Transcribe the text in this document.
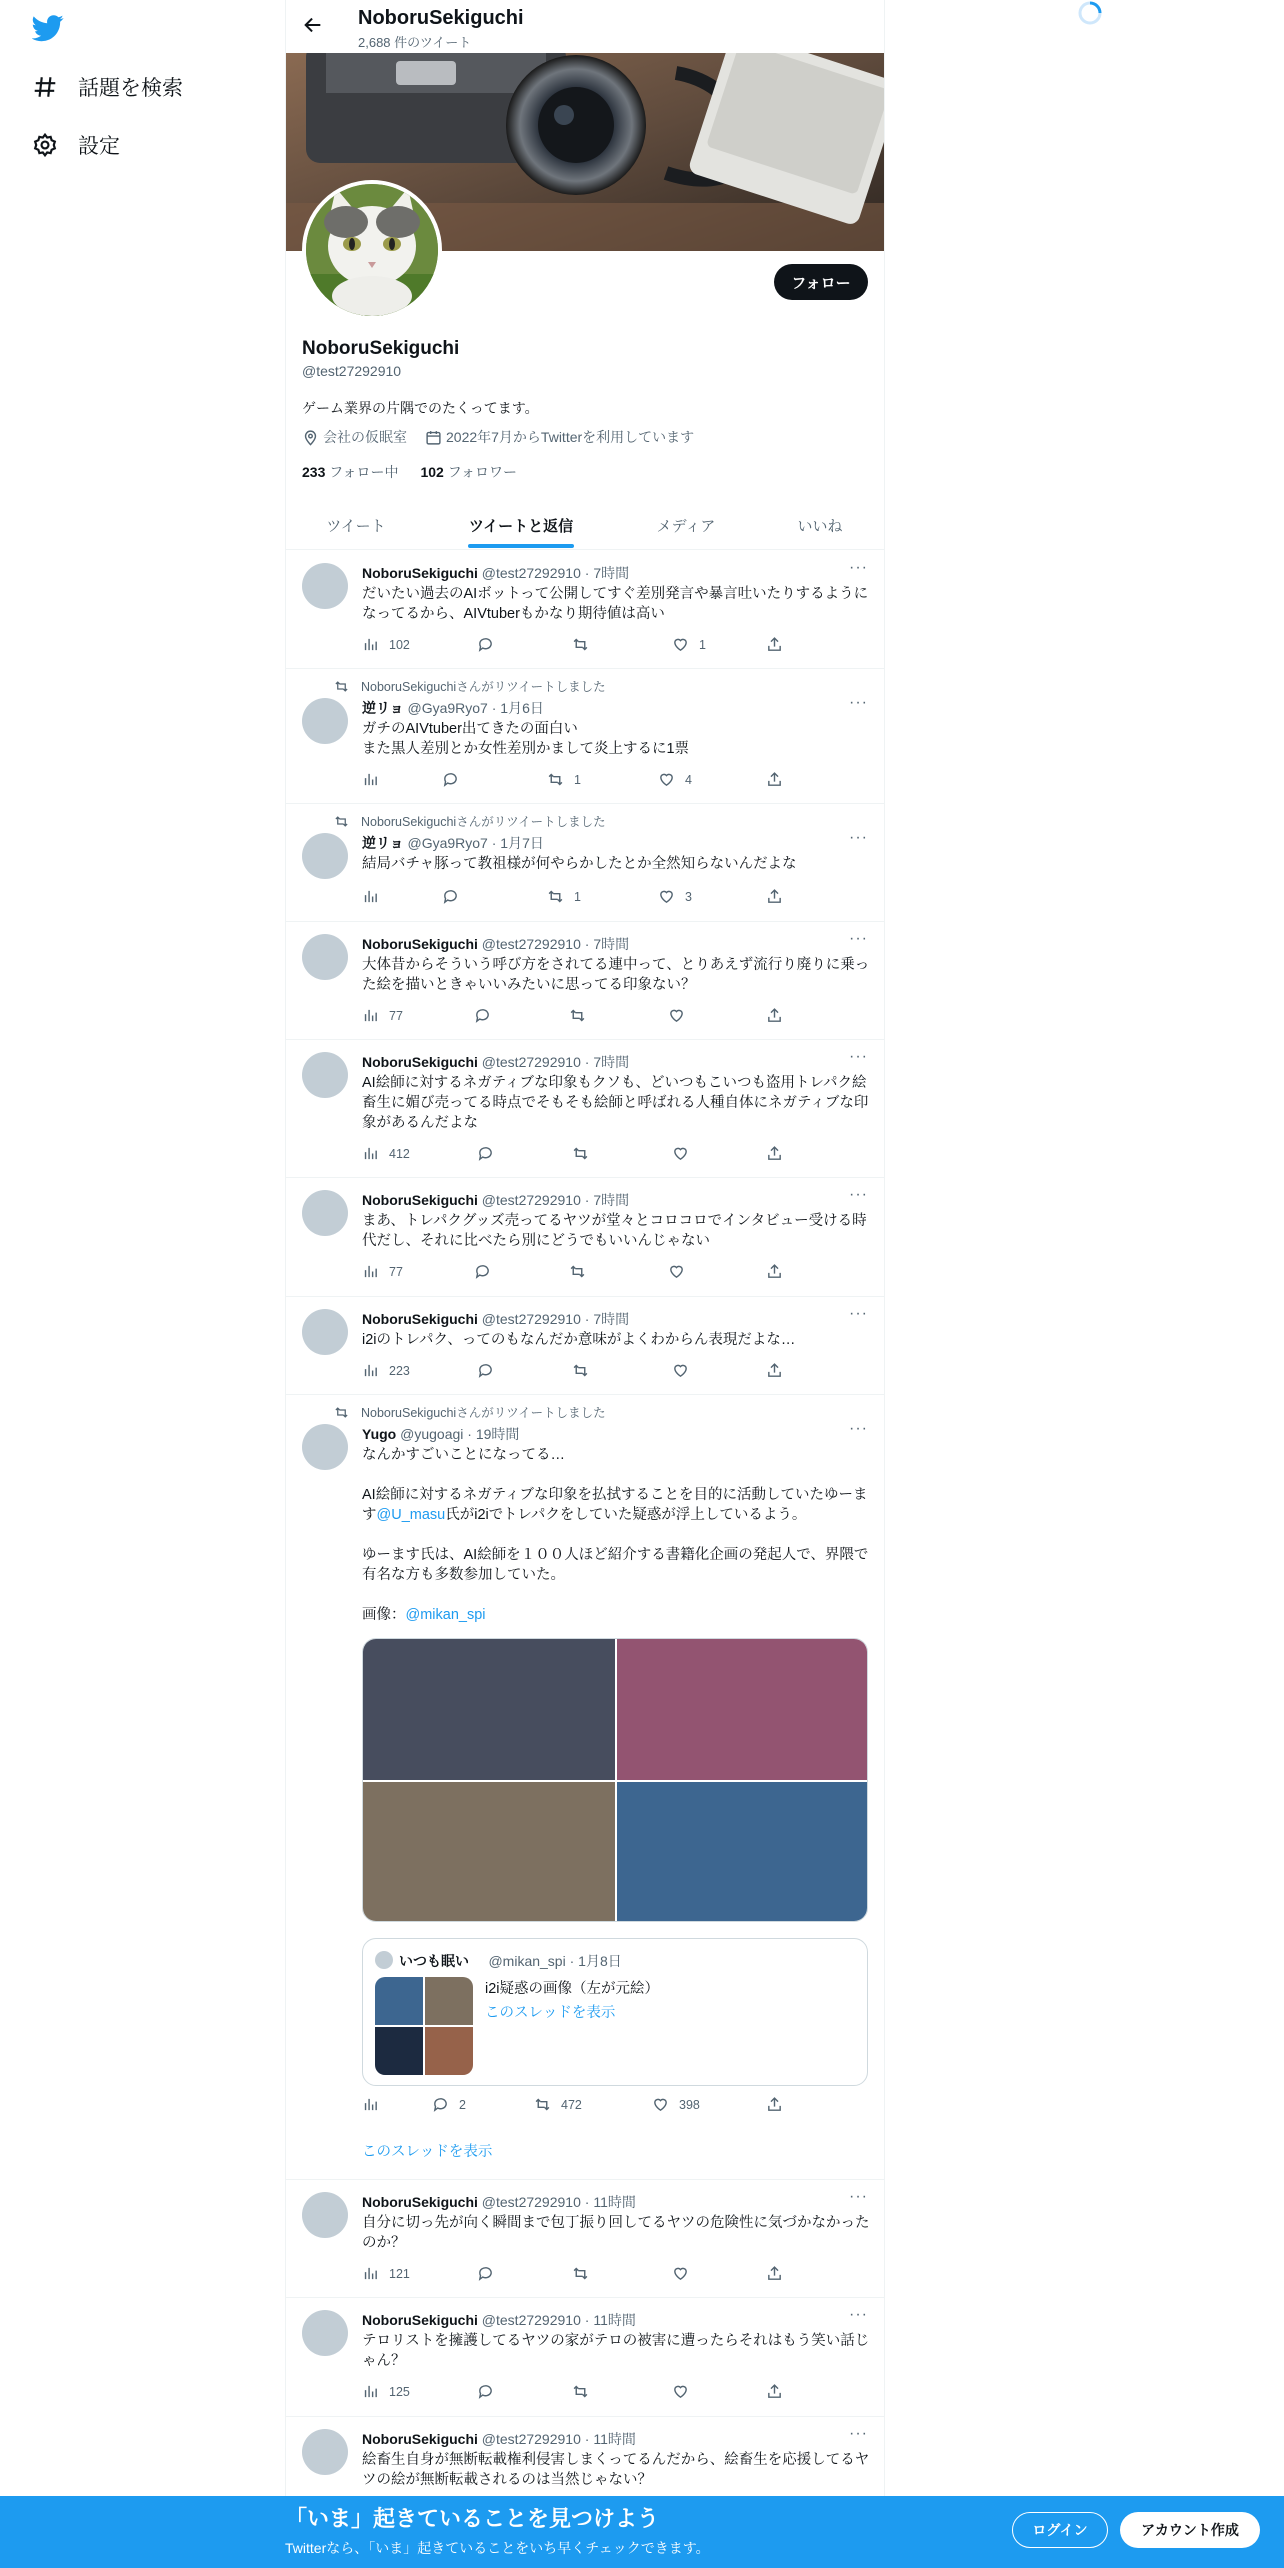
話題を検索
設定
NoboruSekiguchi
2,688 件のツイート
フォロー
NoboruSekiguchi
@test27292910
ゲーム業界の片隅でのたくってます。
会社の仮眠室	2022年7月からTwitterを利用しています
233 フォロー中 102 フォロワー
ツイート	ツイートと返信	メディア	いいね
NoboruSekiguchi @test27292910 · 7時間	···
だいたい過去のAIボットって公開してすぐ差別発言や暴言吐いたりするようになってるから、AIVtuberもかなり期待値は高い
102	1
NoboruSekiguchiさんがリツイートしました
逆リョ @Gya9Ryo7 · 1月6日	···
ガチのAIVtuber出てきたの面白い
また黒人差別とか女性差別かまして炎上するに1票
1	4
NoboruSekiguchiさんがリツイートしました
逆リョ @Gya9Ryo7 · 1月7日	···
結局バチャ豚って教祖様が何やらかしたとか全然知らないんだよな
1	3
NoboruSekiguchi @test27292910 · 7時間	···
大体昔からそういう呼び方をされてる連中って、とりあえず流行り廃りに乗った絵を描いときゃいいみたいに思ってる印象ない？
77
NoboruSekiguchi @test27292910 · 7時間	···
AI絵師に対するネガティブな印象もクソも、どいつもこいつも盗用トレパク絵畜生に媚び売ってる時点でそもそも絵師と呼ばれる人種自体にネガティブな印象があるんだよな
412
NoboruSekiguchi @test27292910 · 7時間	···
まあ、トレパクグッズ売ってるヤツが堂々とコロコロでインタビュー受ける時代だし、それに比べたら別にどうでもいいんじゃない
77
NoboruSekiguchi @test27292910 · 7時間	···
i2iのトレパク、ってのもなんだか意味がよくわからん表現だよな…
223
NoboruSekiguchiさんがリツイートしました
Yugo @yugoagi · 19時間	···
なんかすごいことになってる…
AI絵師に対するネガティブな印象を払拭することを目的に活動していたゆーます@U_masu氏がi2iでトレパクをしていた疑惑が浮上しているよう。
ゆーます氏は、AI絵師を１００人ほど紹介する書籍化企画の発起人で、界隈で有名な方も多数参加していた。
画像：@mikan_spi
いつも眠い @mikan_spi · 1月8日
i2i疑惑の画像（左が元絵）
このスレッドを表示
2	472	398
このスレッドを表示
NoboruSekiguchi @test27292910 · 11時間	···
自分に切っ先が向く瞬間まで包丁振り回してるヤツの危険性に気づかなかったのか？
121
NoboruSekiguchi @test27292910 · 11時間	···
テロリストを擁護してるヤツの家がテロの被害に遭ったらそれはもう笑い話じゃん？
125
NoboruSekiguchi @test27292910 · 11時間	···
絵畜生自身が無断転載権利侵害しまくってるんだから、絵畜生を応援してるヤツの絵が無断転載されるのは当然じゃない？
「いま」起きていることを見つけよう
Twitterなら、「いま」起きていることをいち早くチェックできます。
ログイン	アカウント作成
